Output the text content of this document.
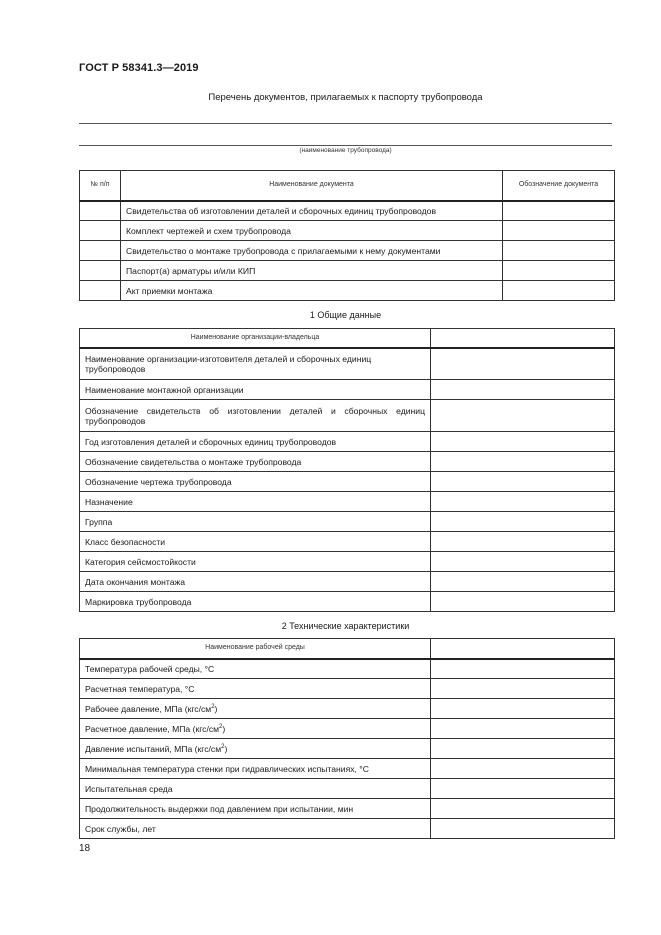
ГОСТ Р 58341.3—2019
Перечень документов, прилагаемых к паспорту трубопровода
(наименование трубопровода)
№ п/п	Наименование документа	Обозначение документа
	Свидетельства об изготовлении деталей и сборочных единиц трубопроводов	
	Комплект чертежей и схем трубопровода	
	Свидетельство о монтаже трубопровода с прилагаемыми к нему документами	
	Паспорт(а) арматуры и/или КИП	
	Акт приемки монтажа	
1 Общие данные
Наименование организации-владельца	
Наименование организации-изготовителя деталей и сборочных единиц трубопроводов	
Наименование монтажной организации	
Обозначение свидетельств об изготовлении деталей и сборочных единиц трубопроводов	
Год изготовления деталей и сборочных единиц трубопроводов	
Обозначение свидетельства о монтаже трубопровода	
Обозначение чертежа трубопровода	
Назначение	
Группа	
Класс безопасности	
Категория сейсмостойкости	
Дата окончания монтажа	
Маркировка трубопровода	
2 Технические характеристики
Наименование рабочей среды	
Температура рабочей среды, °С	
Расчетная температура, °С	
Рабочее давление, МПа $(кгс/см^2)$	
Расчетное давление, МПа $(кгс/см^2)$	
Давление испытаний, МПа $(кгс/см^2)$	
Минимальная температура стенки при гидравлических испытаниях, °С	
Испытательная среда	
Продолжительность выдержки под давлением при испытании, мин	
Срок службы, лет	
18
